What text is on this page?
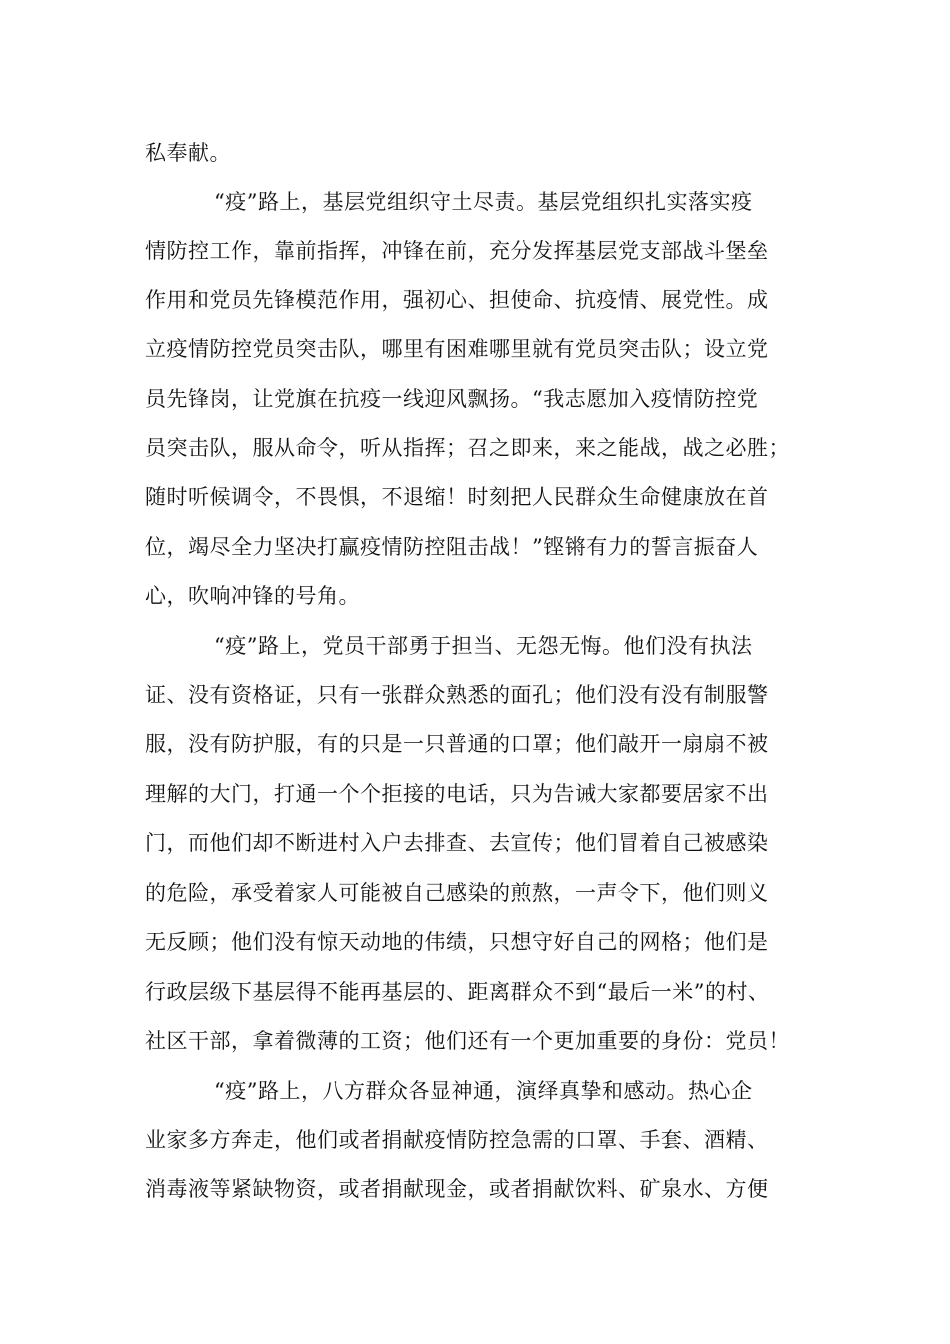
私奉献。
“疫”路上，基层党组织守土尽责。基层党组织扎实落实疫
情防控工作，靠前指挥，冲锋在前，充分发挥基层党支部战斗堡垒
作用和党员先锋模范作用，强初心、担使命、抗疫情、展党性。成
立疫情防控党员突击队，哪里有困难哪里就有党员突击队；设立党
员先锋岗，让党旗在抗疫一线迎风飘扬。“我志愿加入疫情防控党
员突击队，服从命令，听从指挥；召之即来，来之能战，战之必胜；
随时听候调令，不畏惧，不退缩！时刻把人民群众生命健康放在首
位，竭尽全力坚决打赢疫情防控阻击战！”铿锵有力的誓言振奋人
心，吹响冲锋的号角。
“疫”路上，党员干部勇于担当、无怨无悔。他们没有执法
证、没有资格证，只有一张群众熟悉的面孔；他们没有没有制服警
服，没有防护服，有的只是一只普通的口罩；他们敲开一扇扇不被
理解的大门，打通一个个拒接的电话，只为告诫大家都要居家不出
门，而他们却不断进村入户去排查、去宣传；他们冒着自己被感染
的危险，承受着家人可能被自己感染的煎熬，一声令下，他们则义
无反顾；他们没有惊天动地的伟绩，只想守好自己的网格；他们是
行政层级下基层得不能再基层的、距离群众不到“最后一米”的村、
社区干部，拿着微薄的工资；他们还有一个更加重要的身份：党员！
“疫”路上，八方群众各显神通，演绎真挚和感动。热心企
业家多方奔走，他们或者捐献疫情防控急需的口罩、手套、酒精、
消毒液等紧缺物资，或者捐献现金，或者捐献饮料、矿泉水、方便
